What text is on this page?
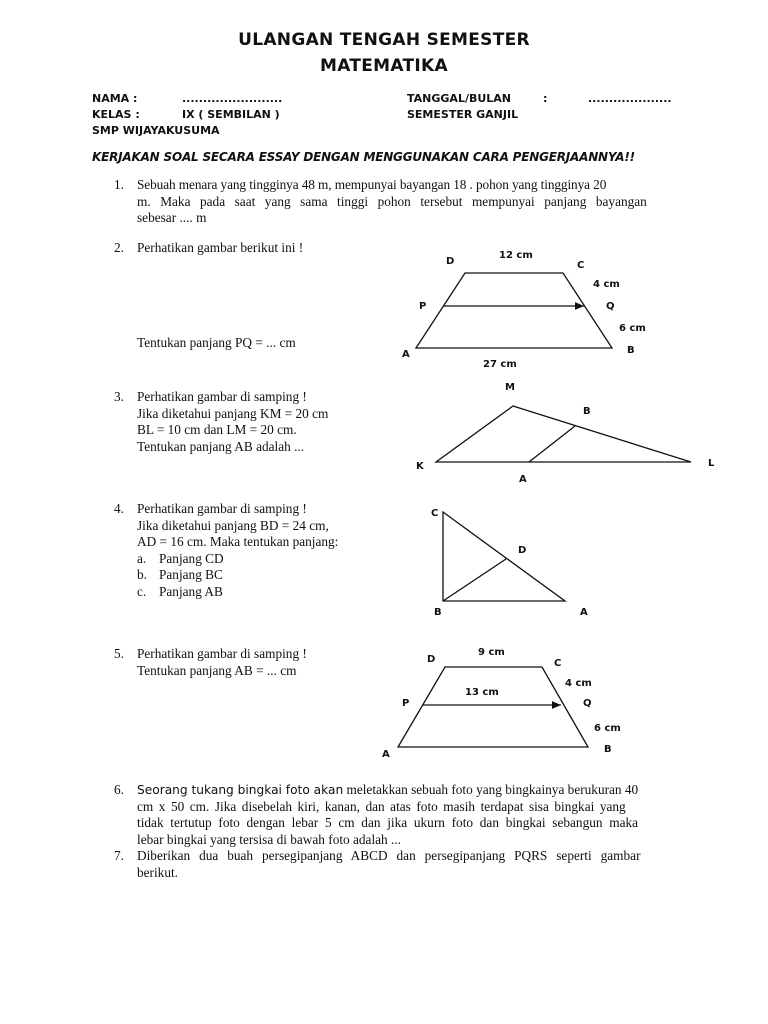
ULANGAN TENGAH SEMESTER
MATEMATIKA
NAMA :	........................
KELAS :	IX ( SEMBILAN )
SMP WIJAYAKUSUMA
TANGGAL/BULAN	:	....................
SEMESTER GANJIL
KERJAKAN SOAL SECARA ESSAY DENGAN MENGGUNAKAN CARA PENGERJAANNYA!!
1. Sebuah menara yang tingginya 48 m, mempunyai bayangan 18 . pohon yang tingginya 20
m. Maka pada saat yang sama tinggi pohon tersebut mempunyai panjang bayangan
sebesar .... m
2. Perhatikan gambar berikut ini !
Tentukan panjang PQ = ... cm
D
12 cm
C
4 cm
P	Q
6 cm
A	B
27 cm
3. Perhatikan gambar di samping !
Jika diketahui panjang KM = 20 cm
BL = 10 cm dan LM = 20 cm.
Tentukan panjang AB adalah ...
M
B
K	L
A
4. Perhatikan gambar di samping !
Jika diketahui panjang BD = 24 cm,
AD = 16 cm. Maka tentukan panjang:
a. Panjang CD
b. Panjang BC
c. Panjang AB
C
D
B	A
5. Perhatikan gambar di samping !
Tentukan panjang AB = ... cm
D
9 cm
C
4 cm
13 cm
P	Q
6 cm
A	B
6. Seorang tukang bingkai foto akan meletakkan sebuah foto yang bingkainya berukuran 40
cm x 50 cm. Jika disebelah kiri, kanan, dan atas foto masih terdapat sisa bingkai yang
tidak tertutup foto dengan lebar 5 cm dan jika ukurn foto dan bingkai sebangun maka
lebar bingkai yang tersisa di bawah foto adalah ...
7. Diberikan dua buah persegipanjang ABCD dan persegipanjang PQRS seperti gambar
berikut.
